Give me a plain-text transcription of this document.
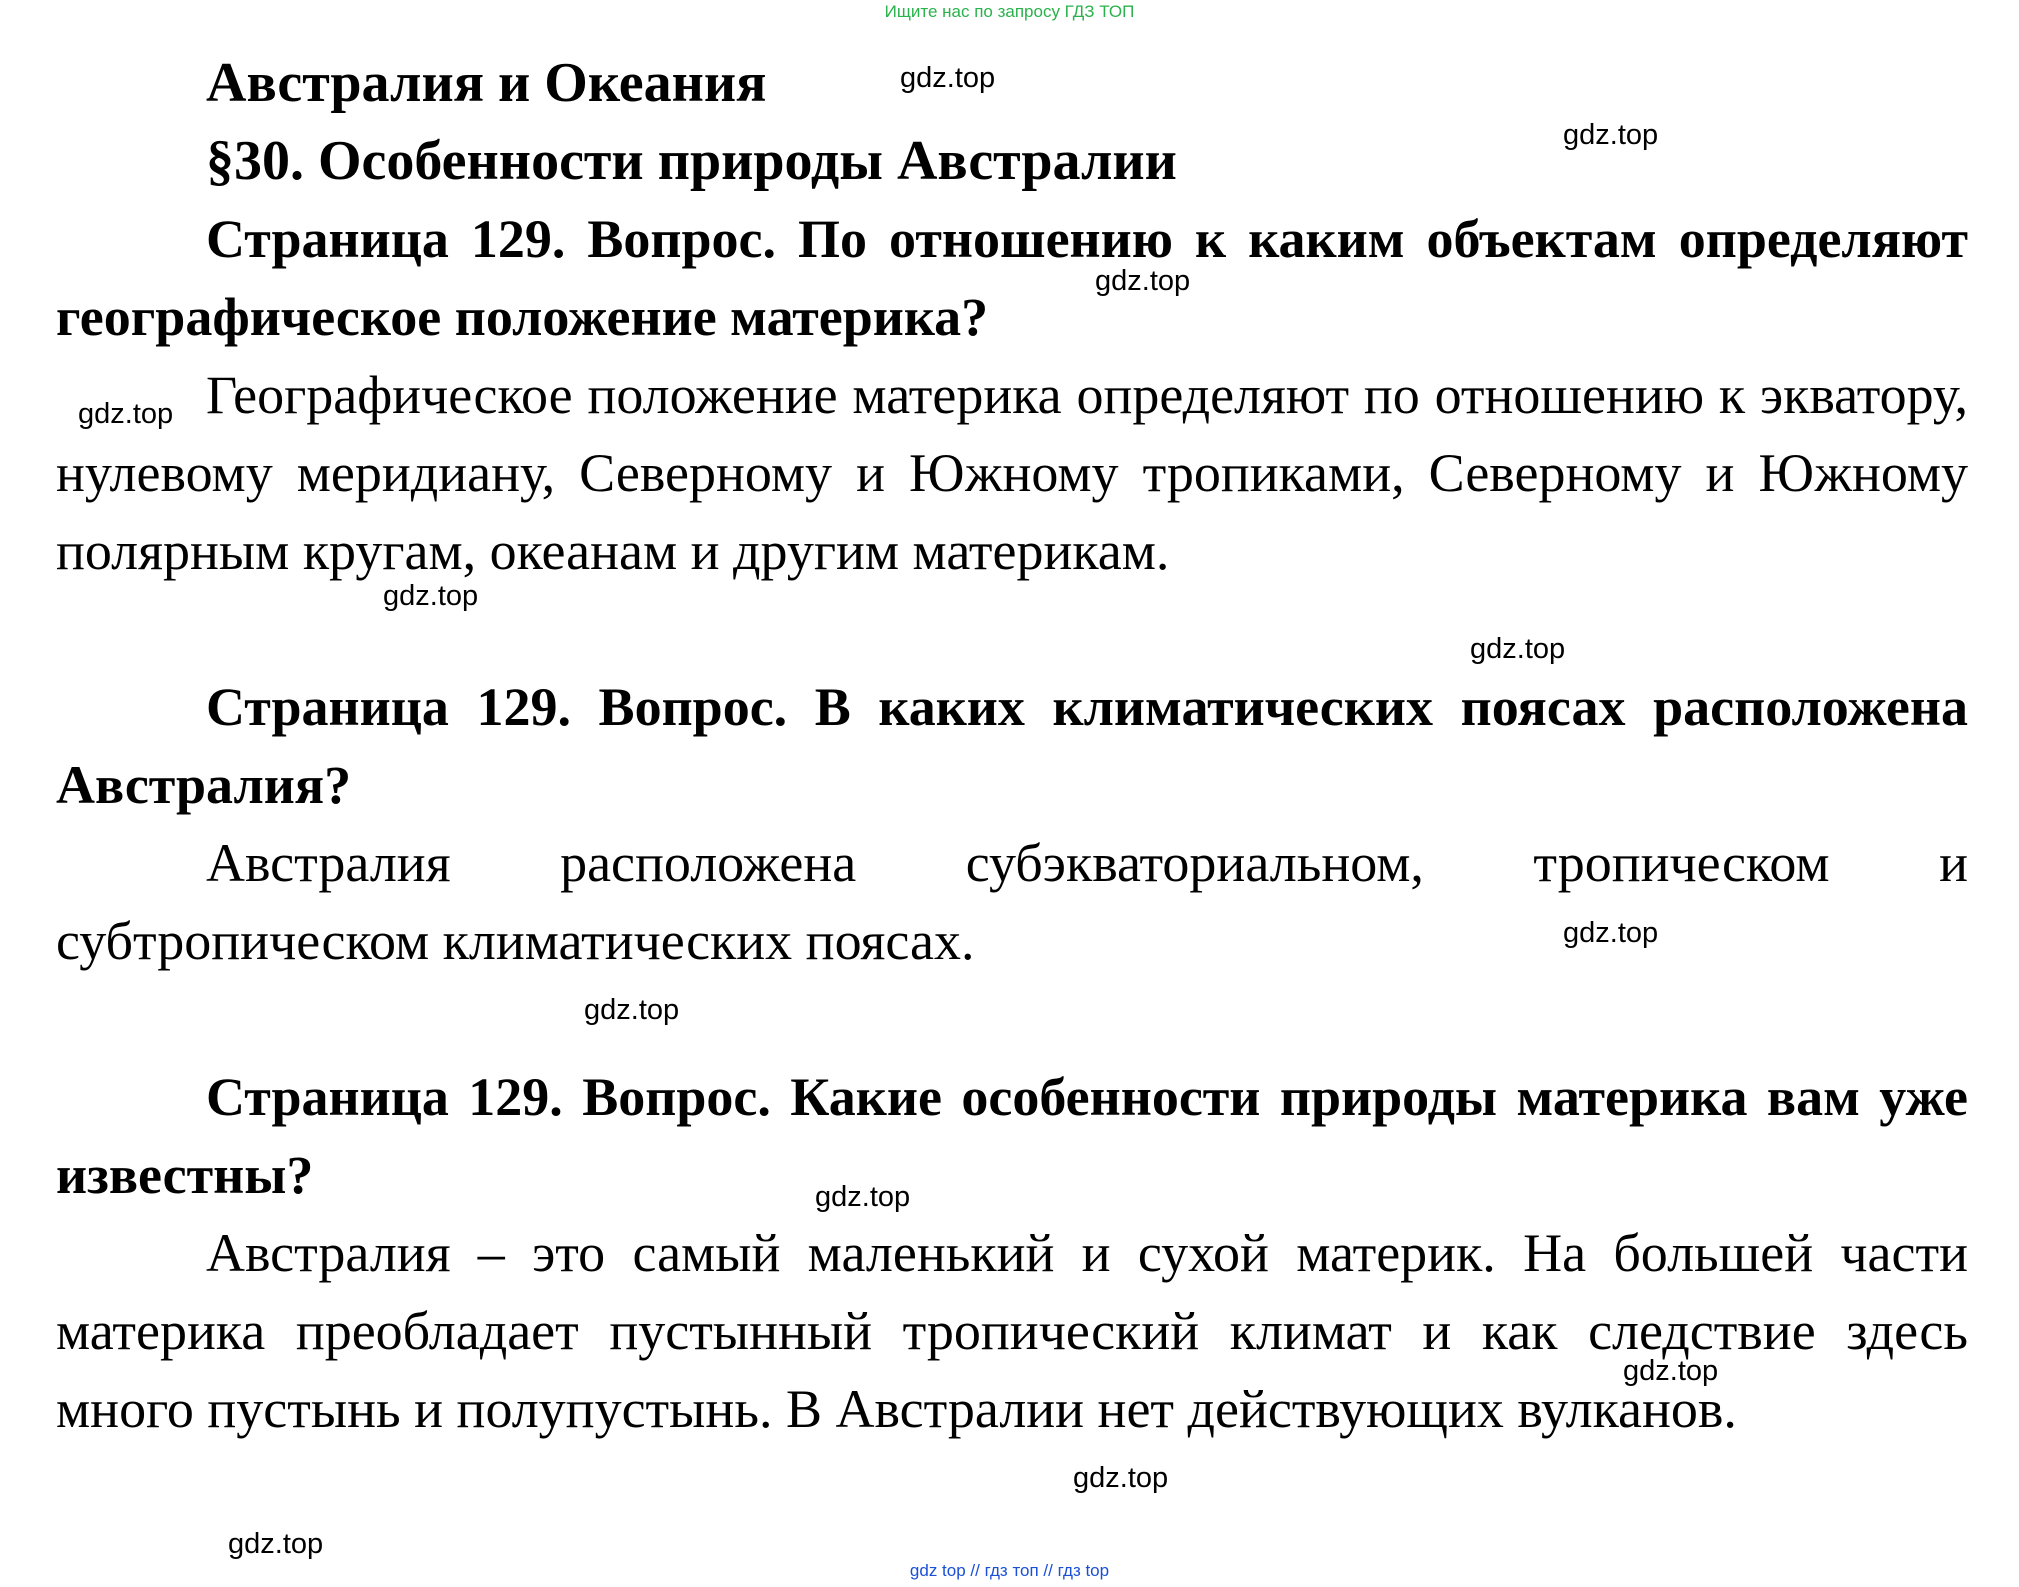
Ищите нас по запросу ГДЗ ТОП

Австралия и Океания

§30. Особенности природы Австралии

Страница 129. Вопрос. По отношению к каким объектам определяют географическое положение материка?

Географическое положение материка определяют по отношению к экватору, нулевому меридиану, Северному и Южному тропиками, Северному и Южному полярным кругам, океанам и другим материкам.

Страница 129. Вопрос. В каких климатических поясах расположена Австралия?

Австралия расположена субэкваториальном, тропическом и субтропическом климатических поясах.

Страница 129. Вопрос. Какие особенности природы материка вам уже известны?

Австралия – это самый маленький и сухой материк. На большей части материка преобладает пустынный тропический климат и как следствие здесь много пустынь и полупустынь. В Австралии нет действующих вулканов.

gdz.top
gdz.top
gdz.top
gdz.top
gdz.top
gdz.top
gdz.top
gdz.top
gdz.top
gdz.top
gdz.top
gdz.top
gdz top // гдз топ // гдз top
